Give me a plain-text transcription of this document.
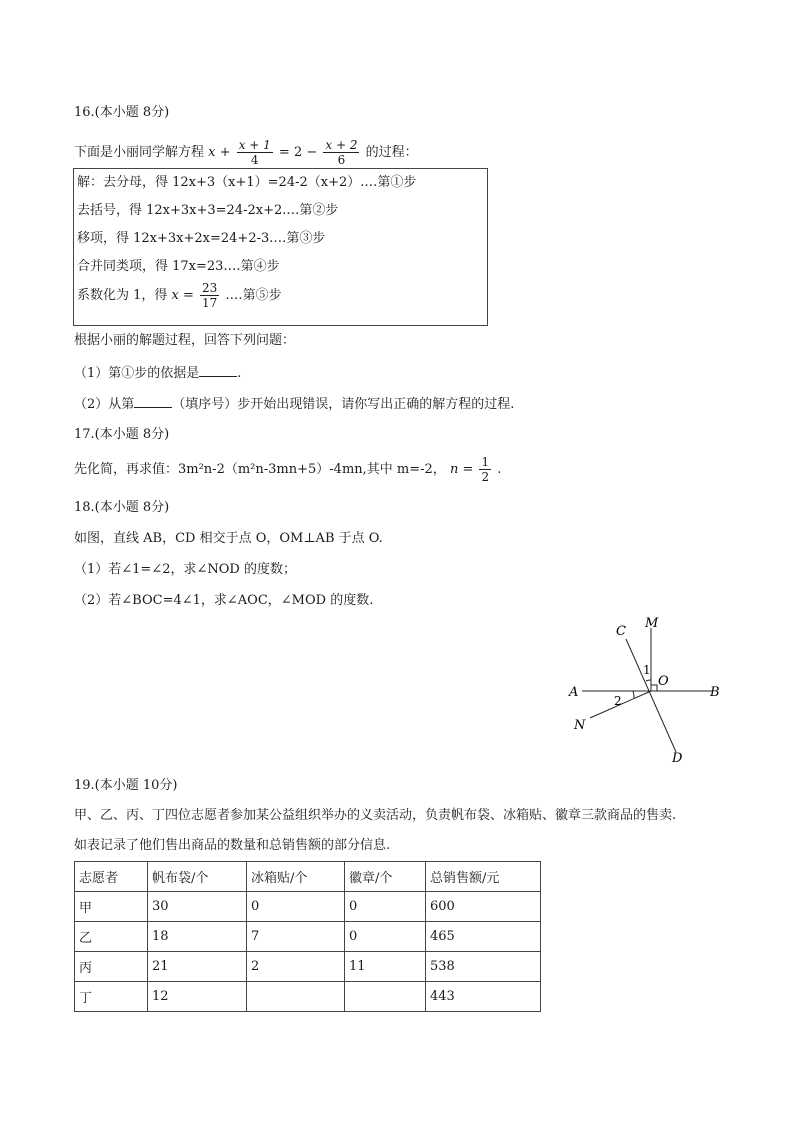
16.(本小题 8分)
下面是小丽同学解方程 $x + \frac{x + 1}{4} = 2 - \frac{x + 2}{6}$ 的过程：
解：去分母，得 12x+3（x+1）=24-2（x+2）.…第①步
去括号，得 12x+3x+3=24-2x+2.…第②步
移项，得 12x+3x+2x=24+2-3.…第③步
合并同类项，得 17x=23.…第④步
系数化为 1，得 $x = \frac{23}{17}$ .…第⑤步
根据小丽的解题过程，回答下列问题：
（1）第①步的依据是	.
（2）从第	（填序号）步开始出现错误，请你写出正确的解方程的过程.
17.(本小题 8分)
先化简，再求值：3m²n-2（m²n-3mn+5）-4mn,其中 m=-2， $n = \frac{1}{2}$ .
18.(本小题 8分)
如图，直线 AB，CD 相交于点 O，OM⊥AB 于点 O.
（1）若∠1=∠2，求∠NOD 的度数；
（2）若∠BOC=4∠1，求∠AOC，∠MOD 的度数.
C
M
O
1
A	B
2
N
D
19.(本小题 10分)
甲、乙、丙、丁四位志愿者参加某公益组织举办的义卖活动，负责帆布袋、冰箱贴、徽章三款商品的售卖.
如表记录了他们售出商品的数量和总销售额的部分信息.
志愿者	帆布袋/个	冰箱贴/个	徽章/个	总销售额/元
甲	30	0	0	600
乙	18	7	0	465
丙	21	2	11	538
丁	12			443
